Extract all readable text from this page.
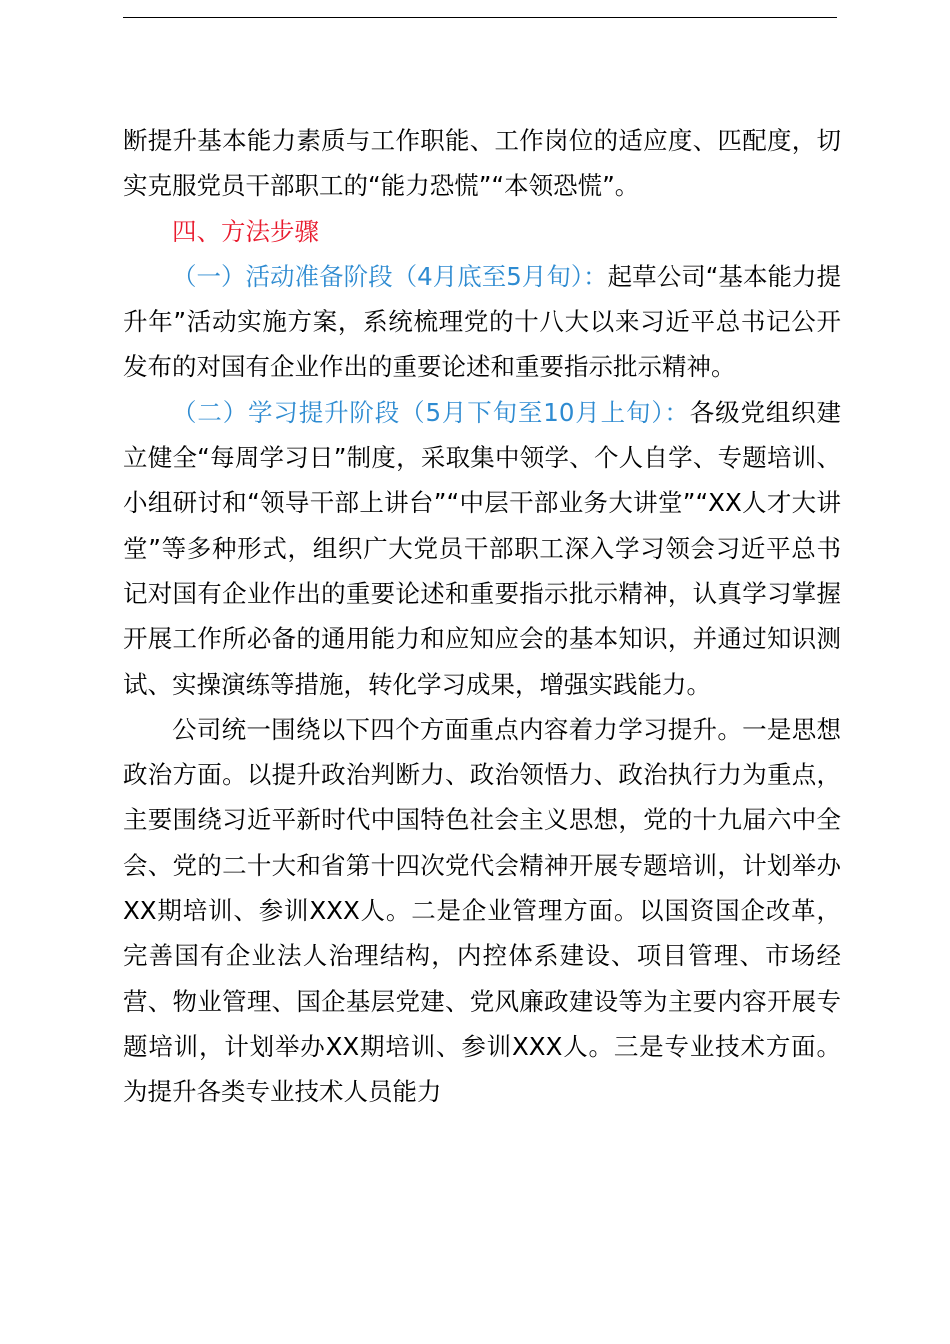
断提升基本能力素质与工作职能、工作岗位的适应度、匹配度，切实克服党员干部职工的“能力恐慌”“本领恐慌”。

四、方法步骤

（一）活动准备阶段（4月底至5月旬）：起草公司“基本能力提升年”活动实施方案，系统梳理党的十八大以来习近平总书记公开发布的对国有企业作出的重要论述和重要指示批示精神。

（二）学习提升阶段（5月下旬至10月上旬）：各级党组织建立健全“每周学习日”制度，采取集中领学、个人自学、专题培训、小组研讨和“领导干部上讲台”“中层干部业务大讲堂”“XX人才大讲堂”等多种形式，组织广大党员干部职工深入学习领会习近平总书记对国有企业作出的重要论述和重要指示批示精神，认真学习掌握开展工作所必备的通用能力和应知应会的基本知识，并通过知识测试、实操演练等措施，转化学习成果，增强实践能力。

公司统一围绕以下四个方面重点内容着力学习提升。一是思想政治方面。以提升政治判断力、政治领悟力、政治执行力为重点，主要围绕习近平新时代中国特色社会主义思想，党的十九届六中全会、党的二十大和省第十四次党代会精神开展专题培训，计划举办XX期培训、参训XXX人。二是企业管理方面。以国资国企改革，完善国有企业法人治理结构，内控体系建设、项目管理、市场经营、物业管理、国企基层党建、党风廉政建设等为主要内容开展专题培训，计划举办XX期培训、参训XXX人。三是专业技术方面。为提升各类专业技术人员能力
